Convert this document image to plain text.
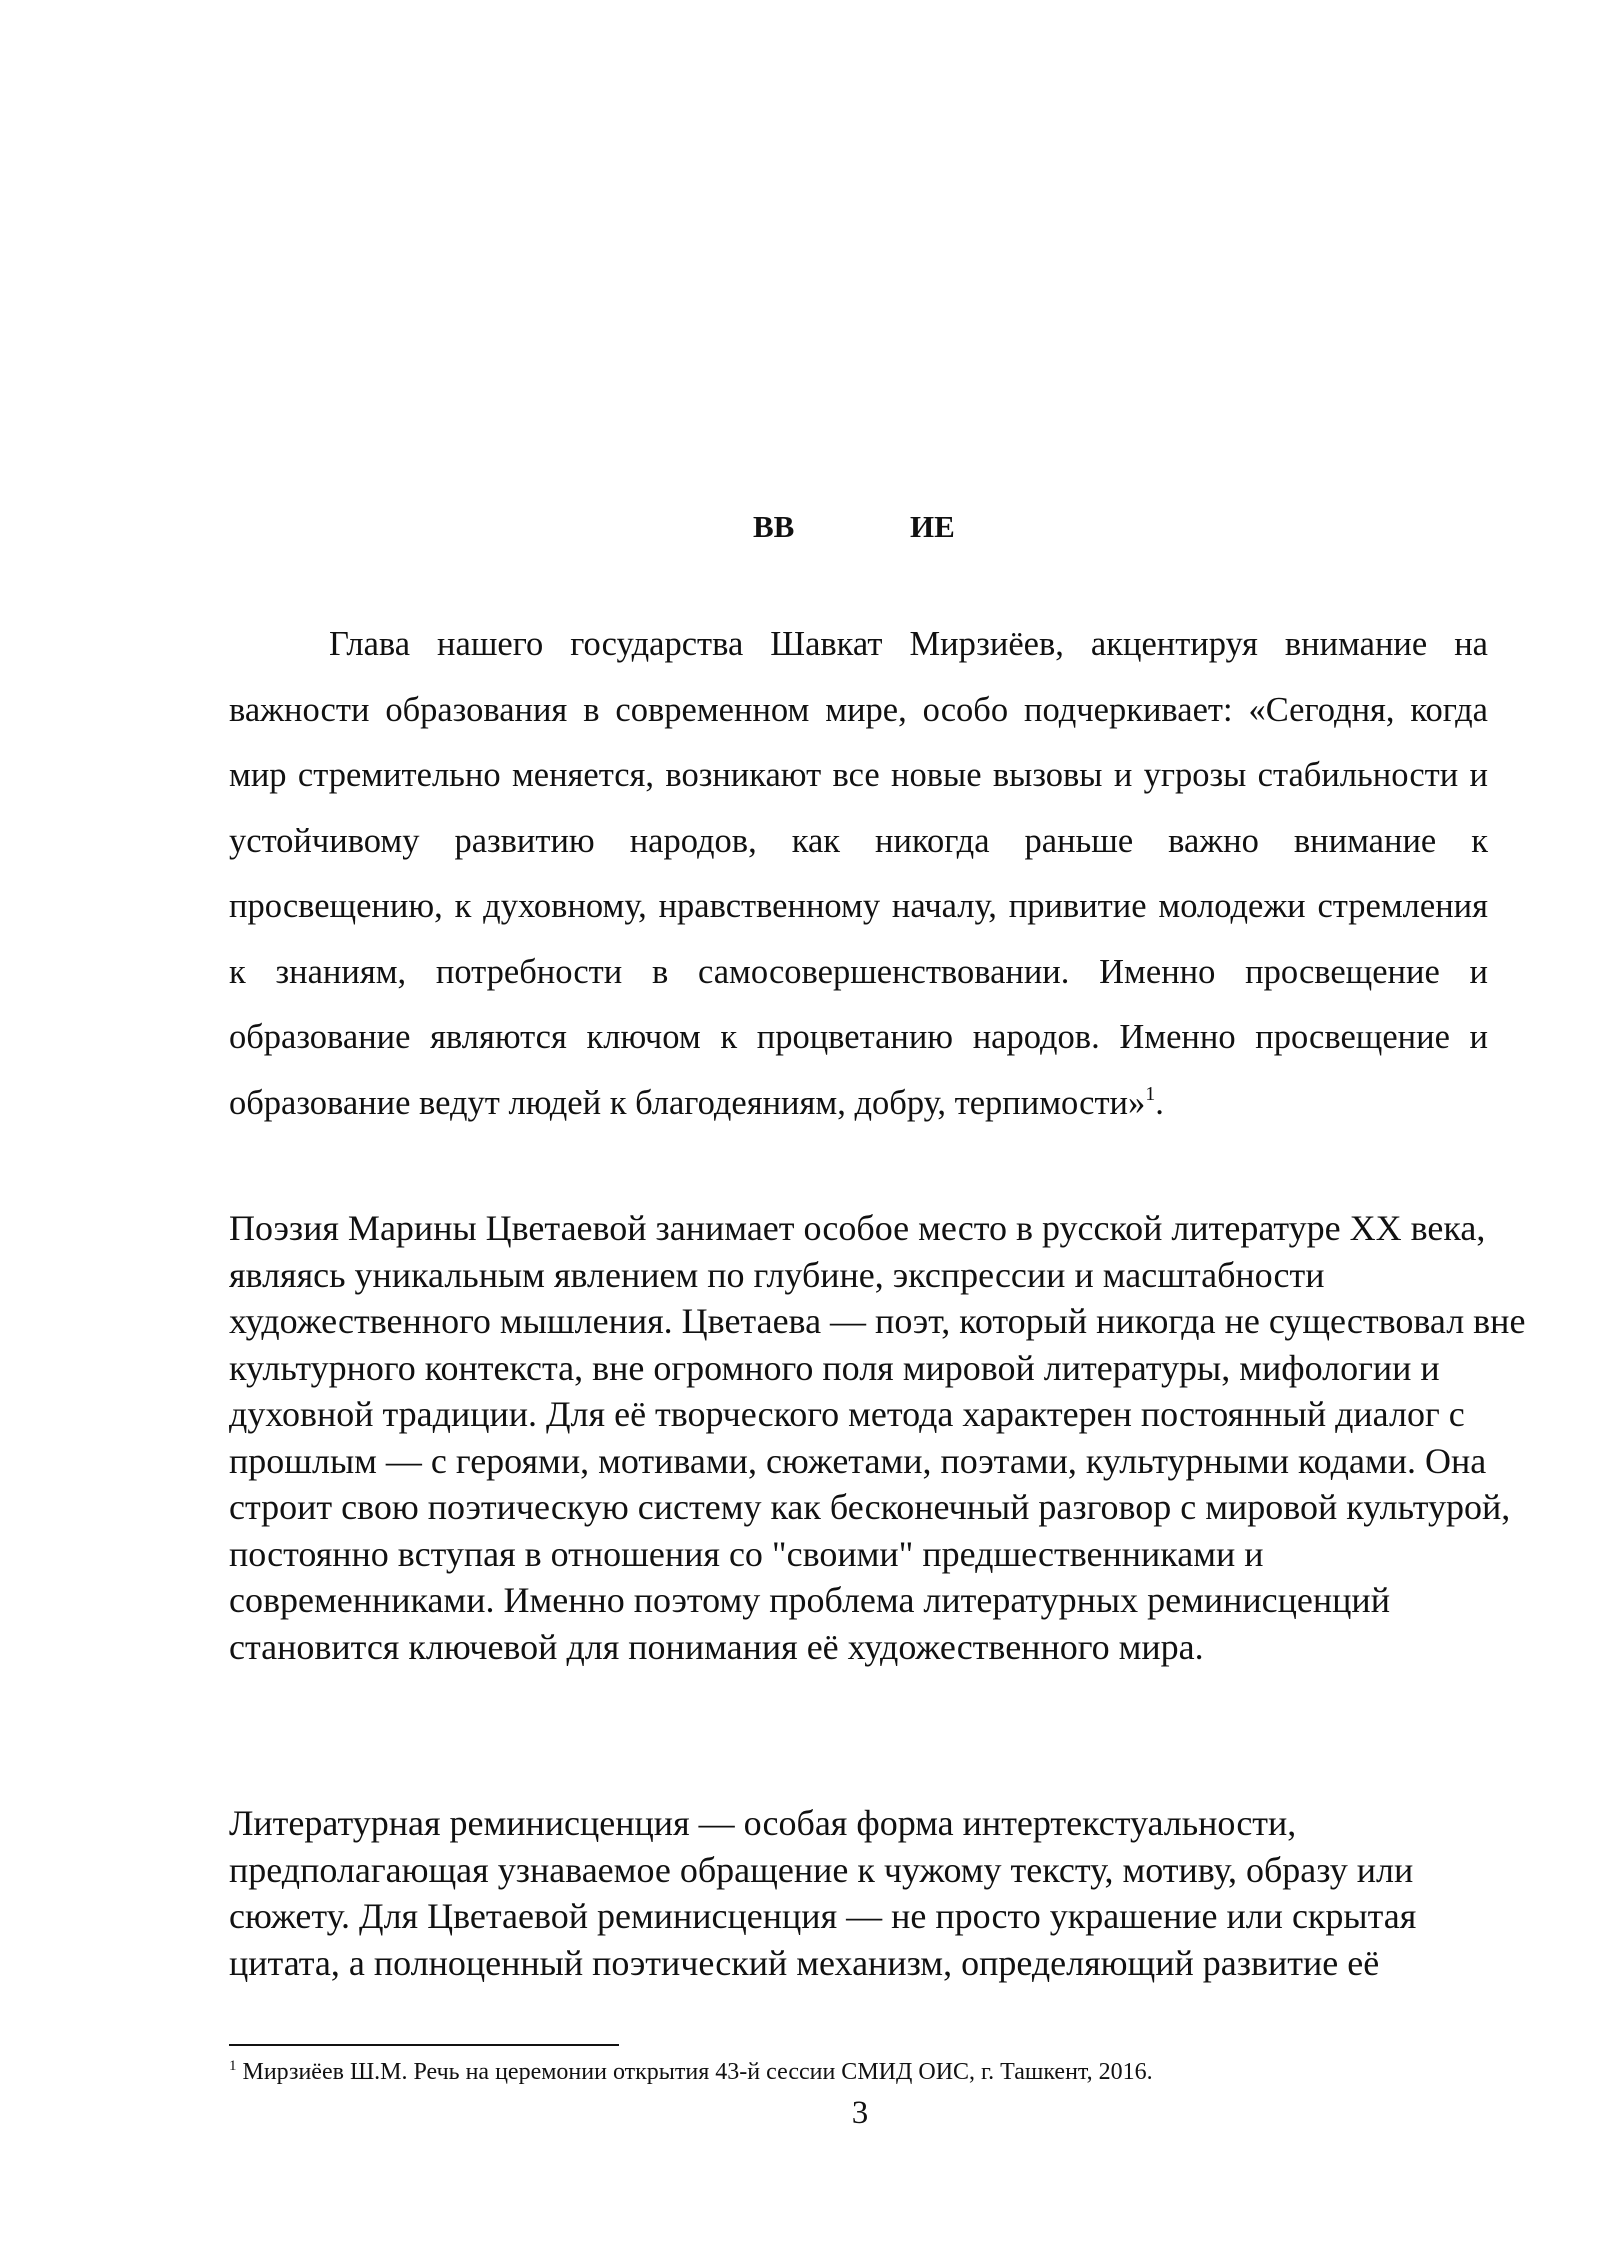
ВВ	ИЕ

Глава нашего государства Шавкат Мирзиёев, акцентируя внимание на важности образования в современном мире, особо подчеркивает: «Сегодня, когда мир стремительно меняется, возникают все новые вызовы и угрозы стабильности и устойчивому развитию народов, как никогда раньше важно внимание к просвещению, к духовному, нравственному началу, привитие молодежи стремления к знаниям, потребности в самосовершенствовании. Именно просвещение и образование являются ключом к процветанию народов. Именно просвещение и образование ведут людей к благодеяниям, добру, терпимости»$^1$.

Поэзия Марины Цветаевой занимает особое место в русской литературе XX века, являясь уникальным явлением по глубине, экспрессии и масштабности художественного мышления. Цветаева — поэт, который никогда не существовал вне культурного контекста, вне огромного поля мировой литературы, мифологии и духовной традиции. Для её творческого метода характерен постоянный диалог с прошлым — с героями, мотивами, сюжетами, поэтами, культурными кодами. Она строит свою поэтическую систему как бесконечный разговор с мировой культурой, постоянно вступая в отношения со "своими" предшественниками и современниками. Именно поэтому проблема литературных реминисценций становится ключевой для понимания её художественного мира.

Литературная реминисценция — особая форма интертекстуальности, предполагающая узнаваемое обращение к чужому тексту, мотиву, образу или сюжету. Для Цветаевой реминисценция — не просто украшение или скрытая цитата, а полноценный поэтический механизм, определяющий развитие её

$^1$ Мирзиёев Ш.М. Речь на церемонии открытия 43-й сессии СМИД ОИС, г. Ташкент, 2016.

3
